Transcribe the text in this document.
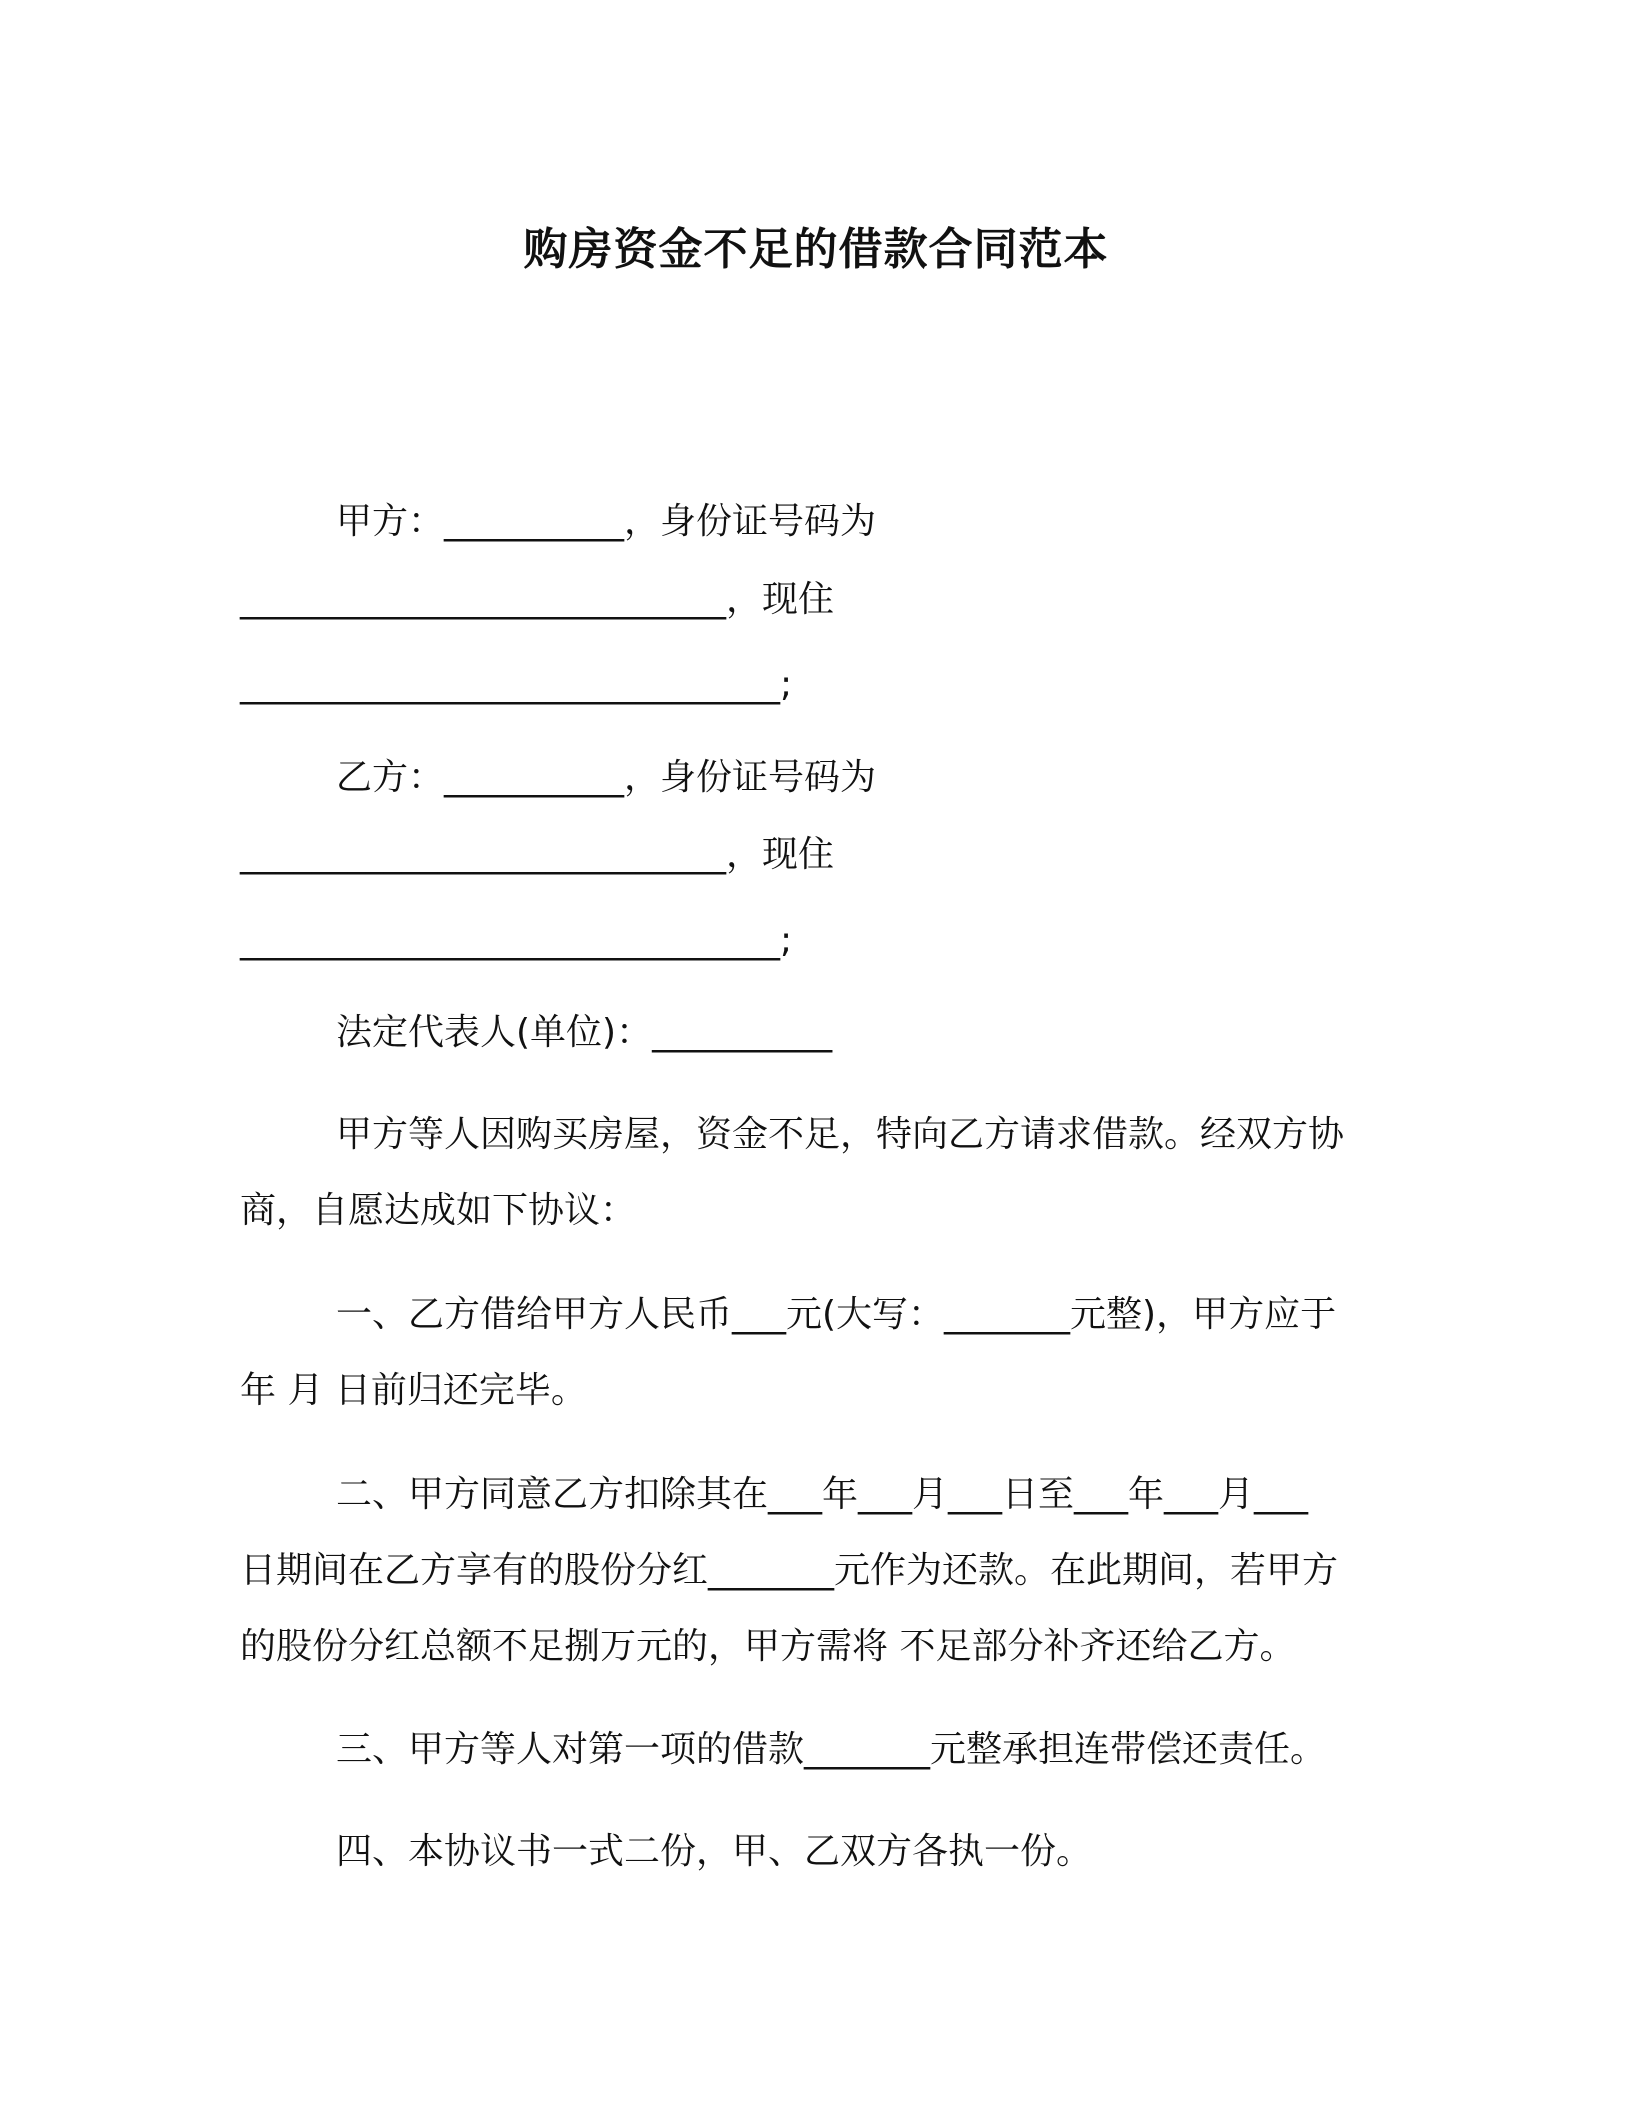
购房资金不足的借款合同范本
甲方：__________，身份证号码为
___________________________，现住
______________________________;
乙方：__________，身份证号码为
___________________________，现住
______________________________;
法定代表人(单位)：__________
甲方等人因购买房屋，资金不足，特向乙方请求借款。经双方协
商，自愿达成如下协议：
一、乙方借给甲方人民币___元(大写：_______元整)，甲方应于
年 月 日前归还完毕。
二、甲方同意乙方扣除其在___年___月___日至___年___月___
日期间在乙方享有的股份分红_______元作为还款。在此期间，若甲方
的股份分红总额不足捌万元的，甲方需将 不足部分补齐还给乙方。
三、甲方等人对第一项的借款_______元整承担连带偿还责任。
四、本协议书一式二份，甲、乙双方各执一份。
